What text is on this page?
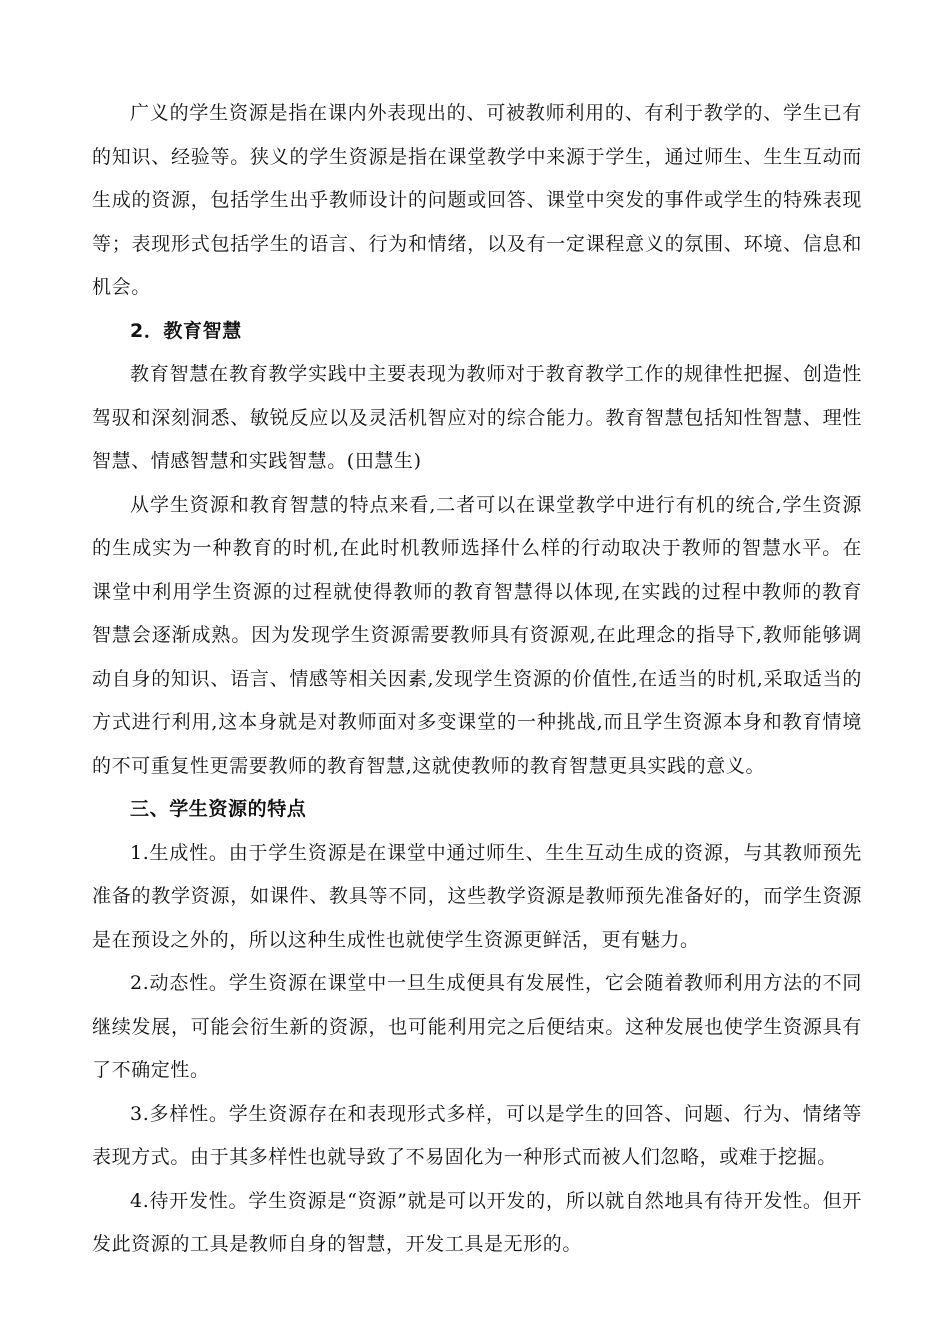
广义的学生资源是指在课内外表现出的、可被教师利用的、有利于教学的、学生已有的知识、经验等。狭义的学生资源是指在课堂教学中来源于学生，通过师生、生生互动而生成的资源，包括学生出乎教师设计的问题或回答、课堂中突发的事件或学生的特殊表现等；表现形式包括学生的语言、行为和情绪，以及有一定课程意义的氛围、环境、信息和机会。

2．教育智慧

教育智慧在教育教学实践中主要表现为教师对于教育教学工作的规律性把握、创造性驾驭和深刻洞悉、敏锐反应以及灵活机智应对的综合能力。教育智慧包括知性智慧、理性智慧、情感智慧和实践智慧。(田慧生)

从学生资源和教育智慧的特点来看,二者可以在课堂教学中进行有机的统合,学生资源的生成实为一种教育的时机,在此时机教师选择什么样的行动取决于教师的智慧水平。在课堂中利用学生资源的过程就使得教师的教育智慧得以体现,在实践的过程中教师的教育智慧会逐渐成熟。因为发现学生资源需要教师具有资源观,在此理念的指导下,教师能够调动自身的知识、语言、情感等相关因素,发现学生资源的价值性,在适当的时机,采取适当的方式进行利用,这本身就是对教师面对多变课堂的一种挑战,而且学生资源本身和教育情境的不可重复性更需要教师的教育智慧,这就使教师的教育智慧更具实践的意义。

三、学生资源的特点

1.生成性。由于学生资源是在课堂中通过师生、生生互动生成的资源，与其教师预先准备的教学资源，如课件、教具等不同，这些教学资源是教师预先准备好的，而学生资源是在预设之外的，所以这种生成性也就使学生资源更鲜活，更有魅力。

2.动态性。学生资源在课堂中一旦生成便具有发展性，它会随着教师利用方法的不同继续发展，可能会衍生新的资源，也可能利用完之后便结束。这种发展也使学生资源具有了不确定性。

3.多样性。学生资源存在和表现形式多样，可以是学生的回答、问题、行为、情绪等表现方式。由于其多样性也就导致了不易固化为一种形式而被人们忽略，或难于挖掘。

4.待开发性。学生资源是“资源”就是可以开发的，所以就自然地具有待开发性。但开发此资源的工具是教师自身的智慧，开发工具是无形的。
